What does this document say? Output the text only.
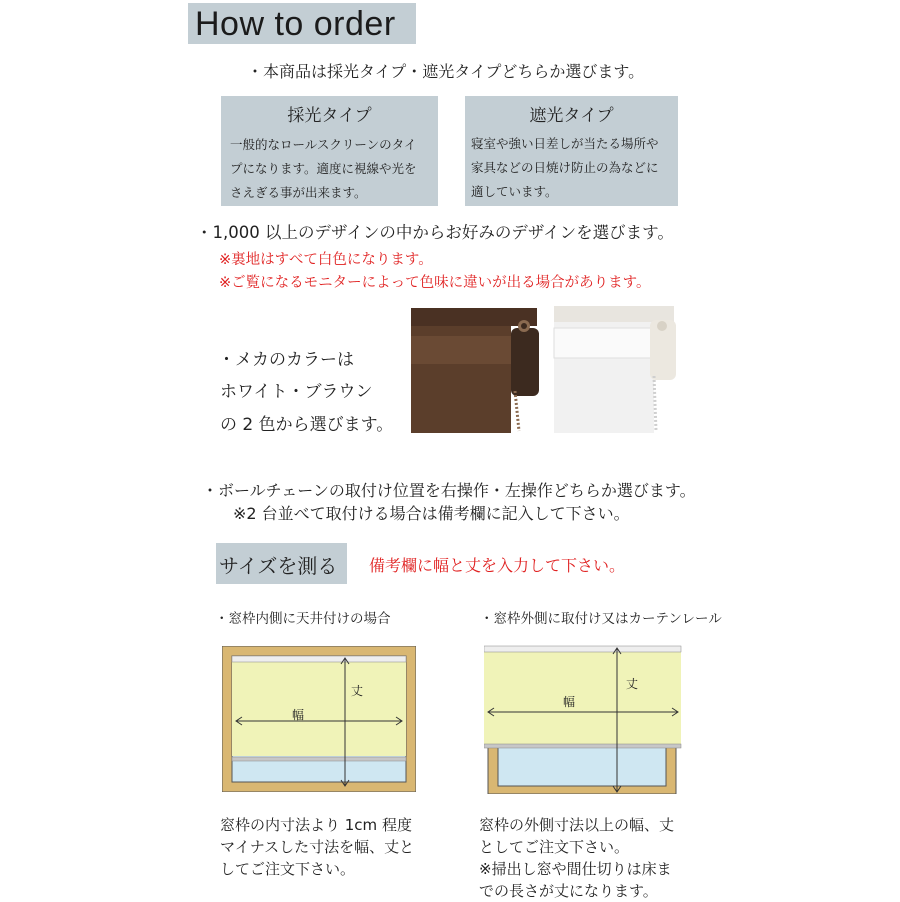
How to order
・本商品は採光タイプ・遮光タイプどちらか選びます。
採光タイプ
一般的なロールスクリーンのタイ
プになります。適度に視線や光を
さえぎる事が出来ます。
遮光タイプ
寝室や強い日差しが当たる場所や
家具などの日焼け防止の為などに
適しています。
・1,000 以上のデザインの中からお好みのデザインを選びます。
※裏地はすべて白色になります。
※ご覧になるモニターによって色味に違いが出る場合があります。
・メカのカラーは
ホワイト・ブラウン
の 2 色から選びます。
・ボールチェーンの取付け位置を右操作・左操作どちらか選びます。
※2 台並べて取付ける場合は備考欄に記入して下さい。
サイズを測る 備考欄に幅と丈を入力して下さい。
・窓枠内側に天井付けの場合
幅
丈
窓枠の内寸法より 1cm 程度
マイナスした寸法を幅、丈と
してご注文下さい。
・窓枠外側に取付け又はカーテンレール
幅
丈
窓枠の外側寸法以上の幅、丈
としてご注文下さい。
※掃出し窓や間仕切りは床ま
での長さが丈になります。
